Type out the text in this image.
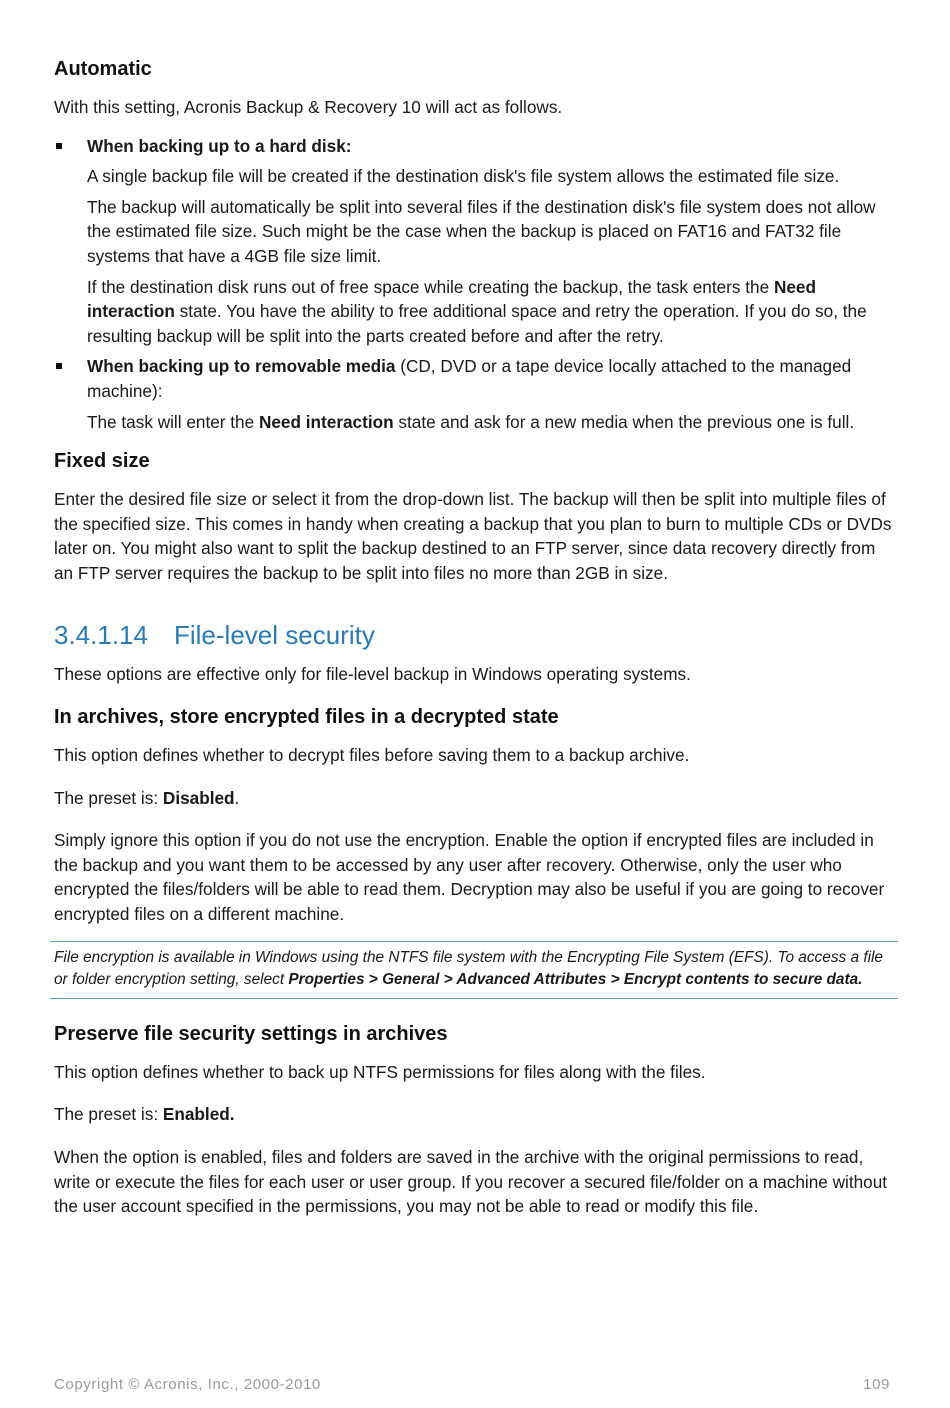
Automatic

With this setting, Acronis Backup & Recovery 10 will act as follows.

When backing up to a hard disk:

A single backup file will be created if the destination disk's file system allows the estimated file size.

The backup will automatically be split into several files if the destination disk's file system does not allow the estimated file size. Such might be the case when the backup is placed on FAT16 and FAT32 file systems that have a 4GB file size limit.

If the destination disk runs out of free space while creating the backup, the task enters the Need interaction state. You have the ability to free additional space and retry the operation. If you do so, the resulting backup will be split into the parts created before and after the retry.

When backing up to removable media (CD, DVD or a tape device locally attached to the managed machine):

The task will enter the Need interaction state and ask for a new media when the previous one is full.

Fixed size

Enter the desired file size or select it from the drop-down list. The backup will then be split into multiple files of the specified size. This comes in handy when creating a backup that you plan to burn to multiple CDs or DVDs later on. You might also want to split the backup destined to an FTP server, since data recovery directly from an FTP server requires the backup to be split into files no more than 2GB in size.

3.4.1.14 File-level security

These options are effective only for file-level backup in Windows operating systems.

In archives, store encrypted files in a decrypted state

This option defines whether to decrypt files before saving them to a backup archive.

The preset is: Disabled.

Simply ignore this option if you do not use the encryption. Enable the option if encrypted files are included in the backup and you want them to be accessed by any user after recovery. Otherwise, only the user who encrypted the files/folders will be able to read them. Decryption may also be useful if you are going to recover encrypted files on a different machine.

File encryption is available in Windows using the NTFS file system with the Encrypting File System (EFS). To access a file or folder encryption setting, select Properties > General > Advanced Attributes > Encrypt contents to secure data.
Preserve file security settings in archives

This option defines whether to back up NTFS permissions for files along with the files.

The preset is: Enabled.

When the option is enabled, files and folders are saved in the archive with the original permissions to read, write or execute the files for each user or user group. If you recover a secured file/folder on a machine without the user account specified in the permissions, you may not be able to read or modify this file.

Copyright © Acronis, Inc., 2000-2010	109
